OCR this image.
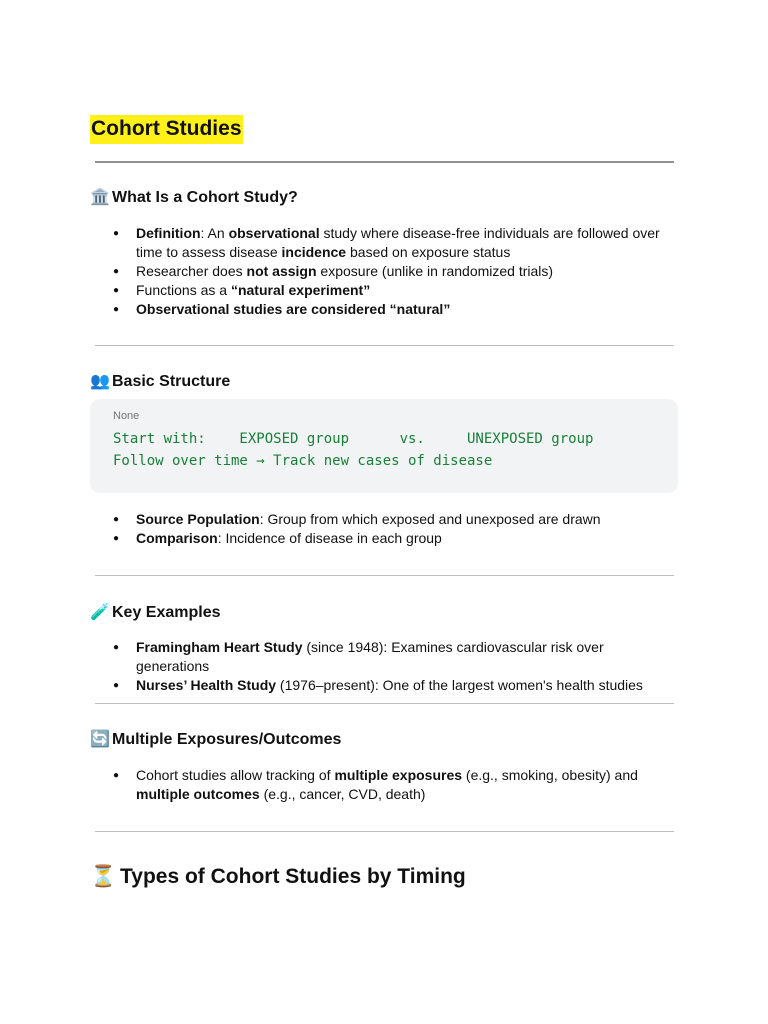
Cohort Studies
🏛️ What Is a Cohort Study?
● Definition: An observational study where disease-free individuals are followed over time to assess disease incidence based on exposure status
● Researcher does not assign exposure (unlike in randomized trials)
● Functions as a “natural experiment”
● Observational studies are considered “natural”
👥 Basic Structure
None
Start with:    EXPOSED group      vs.     UNEXPOSED group
Follow over time → Track new cases of disease
● Source Population: Group from which exposed and unexposed are drawn
● Comparison: Incidence of disease in each group
🧪 Key Examples
● Framingham Heart Study (since 1948): Examines cardiovascular risk over generations
● Nurses’ Health Study (1976–present): One of the largest women's health studies
🔄 Multiple Exposures/Outcomes
● Cohort studies allow tracking of multiple exposures (e.g., smoking, obesity) and multiple outcomes (e.g., cancer, CVD, death)
⏳ Types of Cohort Studies by Timing
